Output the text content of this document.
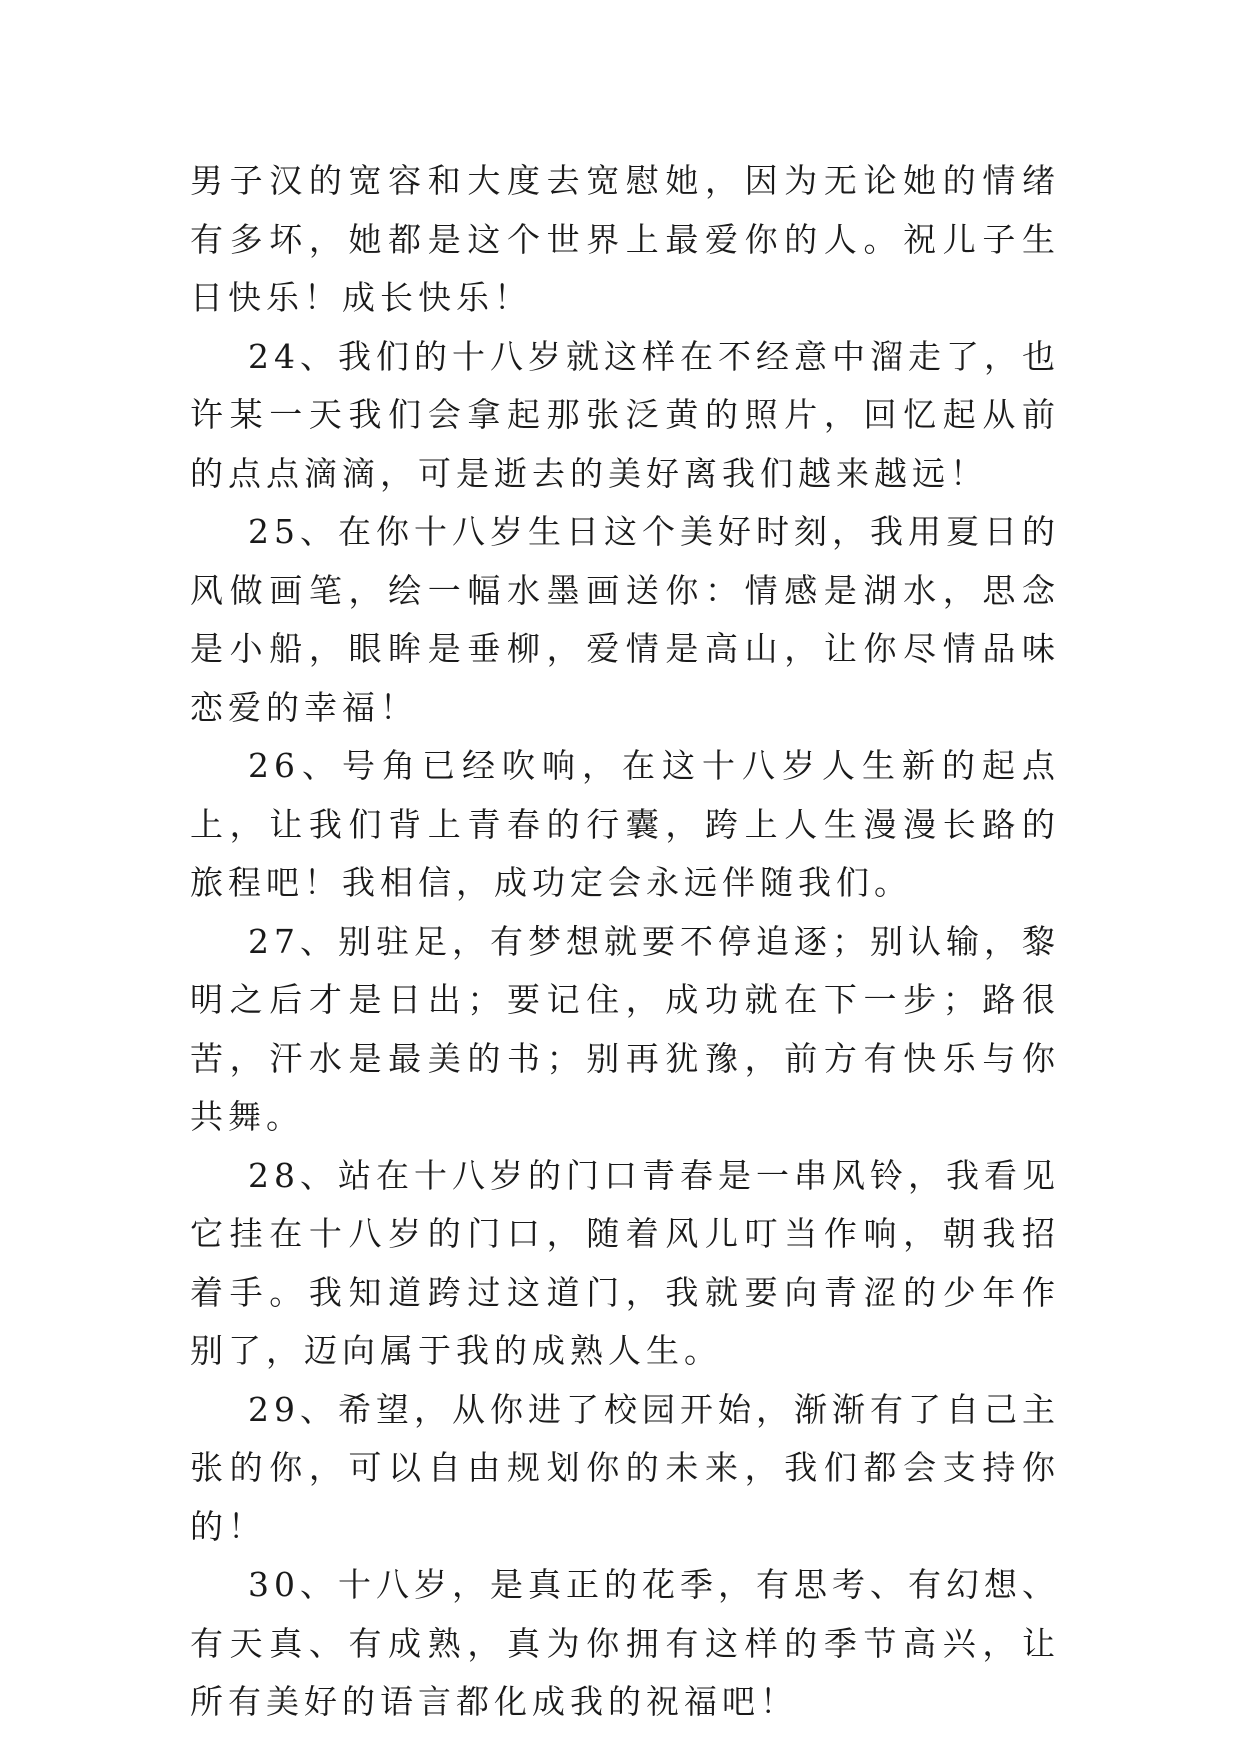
男子汉的宽容和大度去宽慰她，因为无论她的情绪有多坏，她都是这个世界上最爱你的人。祝儿子生日快乐！成长快乐！

24、我们的十八岁就这样在不经意中溜走了，也许某一天我们会拿起那张泛黄的照片，回忆起从前的点点滴滴，可是逝去的美好离我们越来越远！

25、在你十八岁生日这个美好时刻，我用夏日的风做画笔，绘一幅水墨画送你：情感是湖水，思念是小船，眼眸是垂柳，爱情是高山，让你尽情品味恋爱的幸福！

26、号角已经吹响，在这十八岁人生新的起点上，让我们背上青春的行囊，跨上人生漫漫长路的旅程吧！我相信，成功定会永远伴随我们。

27、别驻足，有梦想就要不停追逐；别认输，黎明之后才是日出；要记住，成功就在下一步；路很苦，汗水是最美的书；别再犹豫，前方有快乐与你共舞。

28、站在十八岁的门口青春是一串风铃，我看见它挂在十八岁的门口，随着风儿叮当作响，朝我招着手。我知道跨过这道门，我就要向青涩的少年作别了，迈向属于我的成熟人生。

29、希望，从你进了校园开始，渐渐有了自己主张的你，可以自由规划你的未来，我们都会支持你的！

30、十八岁，是真正的花季，有思考、有幻想、有天真、有成熟，真为你拥有这样的季节高兴，让所有美好的语言都化成我的祝福吧！
